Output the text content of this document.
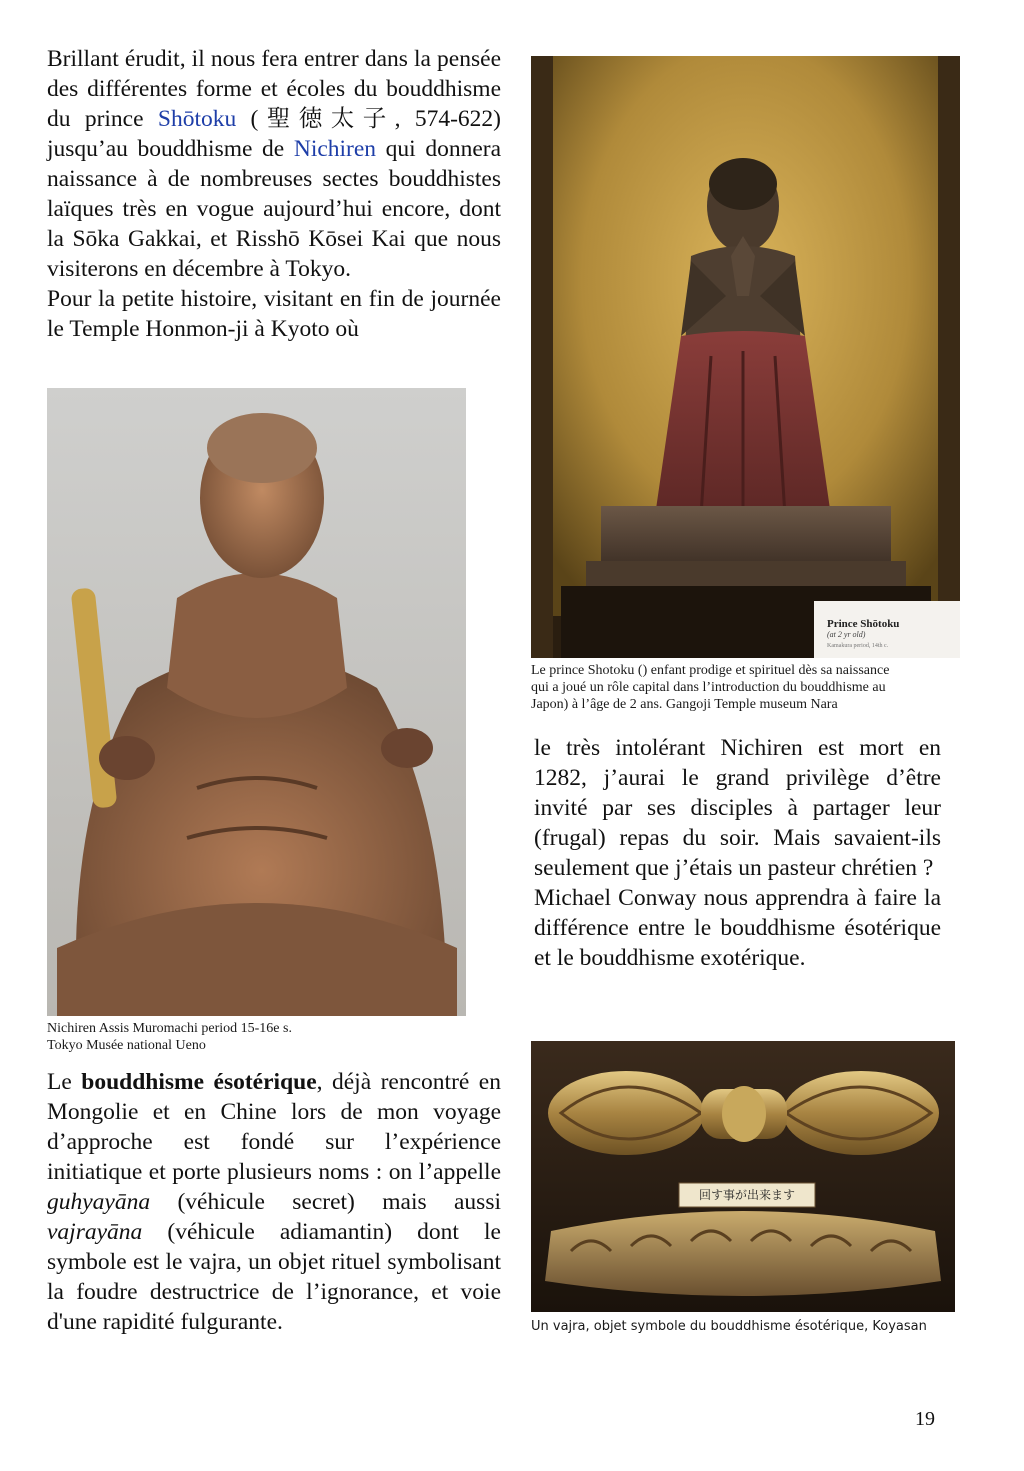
Brillant érudit, il nous fera entrer dans la pensée des différentes forme et écoles du bouddhisme du prince Shōtoku (聖徳太子, 574-622) jusqu’au bouddhisme de Nichiren qui donnera naissance à de nombreuses sectes bouddhistes laïques très en vogue aujourd’hui encore, dont la Sōka Gakkai, et Risshō Kōsei Kai que nous visiterons en décembre à Tokyo.

Pour la petite histoire, visitant en fin de journée le Temple Honmon-ji à Kyoto où

Prince Shōtoku
(at 2 yr old)
Kamakura period, 14th c.

Le prince Shotoku () enfant prodige et spirituel dès sa naissance

qui a joué un rôle capital dans l’introduction du bouddhisme au

Japon) à l’âge de 2 ans. Gangoji Temple museum Nara

Nichiren Assis Muromachi period 15-16e s.

Tokyo Musée national Ueno

le très intolérant Nichiren est mort en 1282, j’aurai le grand privilège d’être invité par ses disciples à partager leur (frugal) repas du soir. Mais savaient-ils seulement que j’étais un pasteur chrétien ?

Michael Conway nous apprendra à faire la différence entre le bouddhisme ésotérique et le bouddhisme exotérique.

Le bouddhisme ésotérique, déjà rencontré en Mongolie et en Chine lors de mon voyage d’approche est fondé sur l’expérience initiatique et porte plusieurs noms : on l’appelle guhyayāna (véhicule secret) mais aussi vajrayāna (véhicule adiamantin) dont le symbole est le vajra, un objet rituel symbolisant la foudre destructrice de l’ignorance, et voie d'une rapidité fulgurante.

回す事が出来ます

Un vajra, objet symbole du bouddhisme ésotérique, Koyasan

19
